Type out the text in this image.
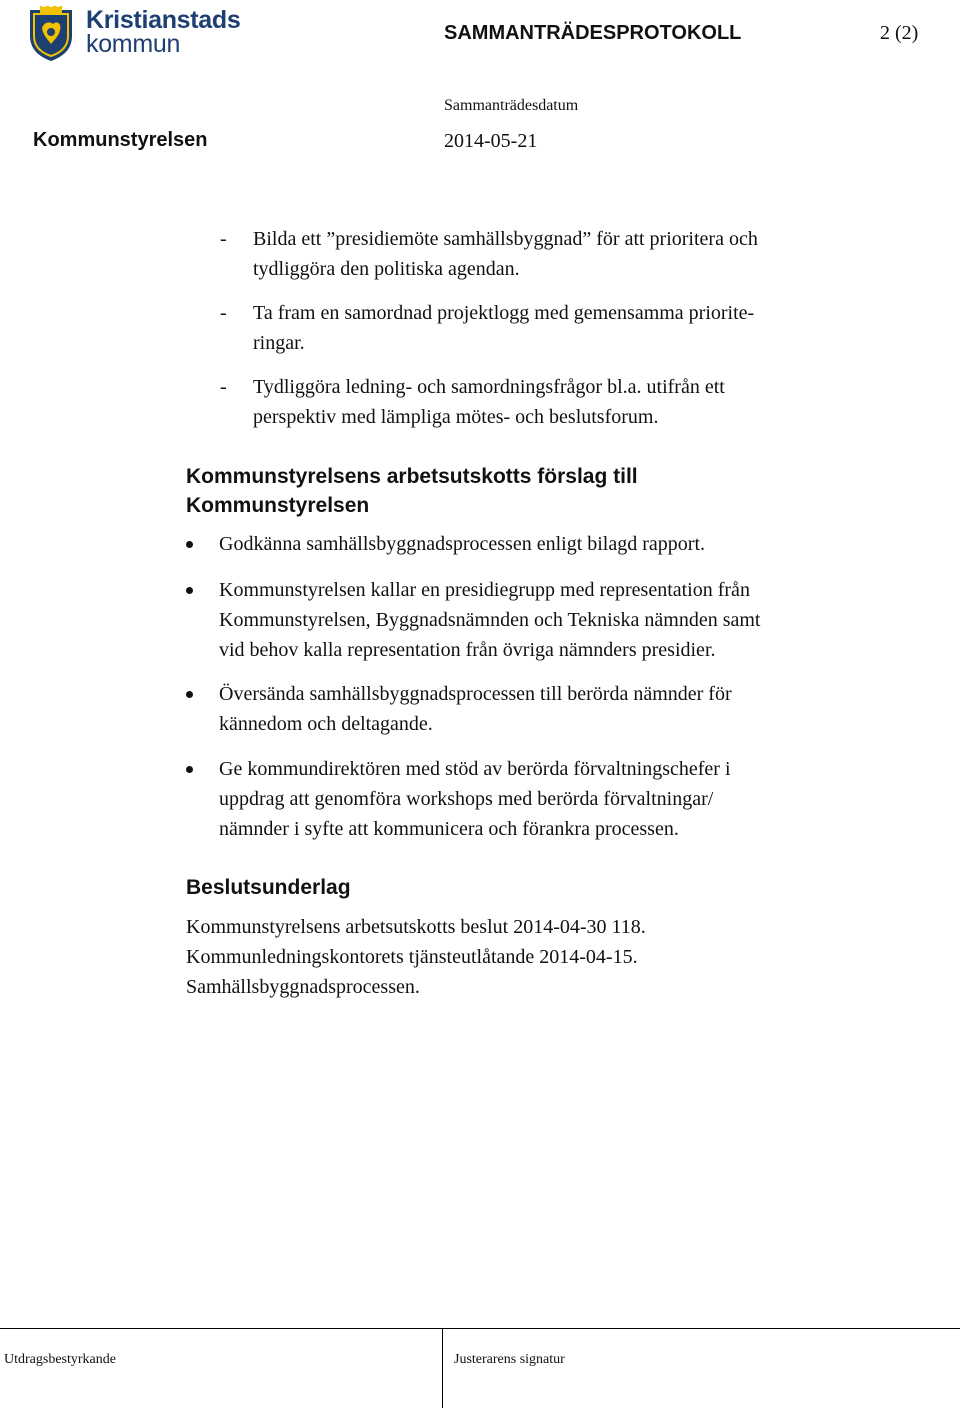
Kristianstads
kommun	SAMMANTRÄDESPROTOKOLL	2 (2)
Sammanträdesdatum
Kommunstyrelsen	2014-05-21
- Bilda ett ”presidiemöte samhällsbyggnad” för att prioritera och
tydliggöra den politiska agendan.
- Ta fram en samordnad projektlogg med gemensamma priorite-
ringar.
- Tydliggöra ledning- och samordningsfrågor bl.a. utifrån ett
perspektiv med lämpliga mötes- och beslutsforum.
Kommunstyrelsens arbetsutskotts förslag till
Kommunstyrelsen
Godkänna samhällsbyggnadsprocessen enligt bilagd rapport.
Kommunstyrelsen kallar en presidiegrupp med representation från
Kommunstyrelsen, Byggnadsnämnden och Tekniska nämnden samt
vid behov kalla representation från övriga nämnders presidier.
Översända samhällsbyggnadsprocessen till berörda nämnder för
kännedom och deltagande.
Ge kommundirektören med stöd av berörda förvaltningschefer i
uppdrag att genomföra workshops med berörda förvaltningar/
nämnder i syfte att kommunicera och förankra processen.
Beslutsunderlag
Kommunstyrelsens arbetsutskotts beslut 2014-04-30 118.
Kommunledningskontorets tjänsteutlåtande 2014-04-15.
Samhällsbyggnadsprocessen.
Utdragsbestyrkande	Justerarens signatur
